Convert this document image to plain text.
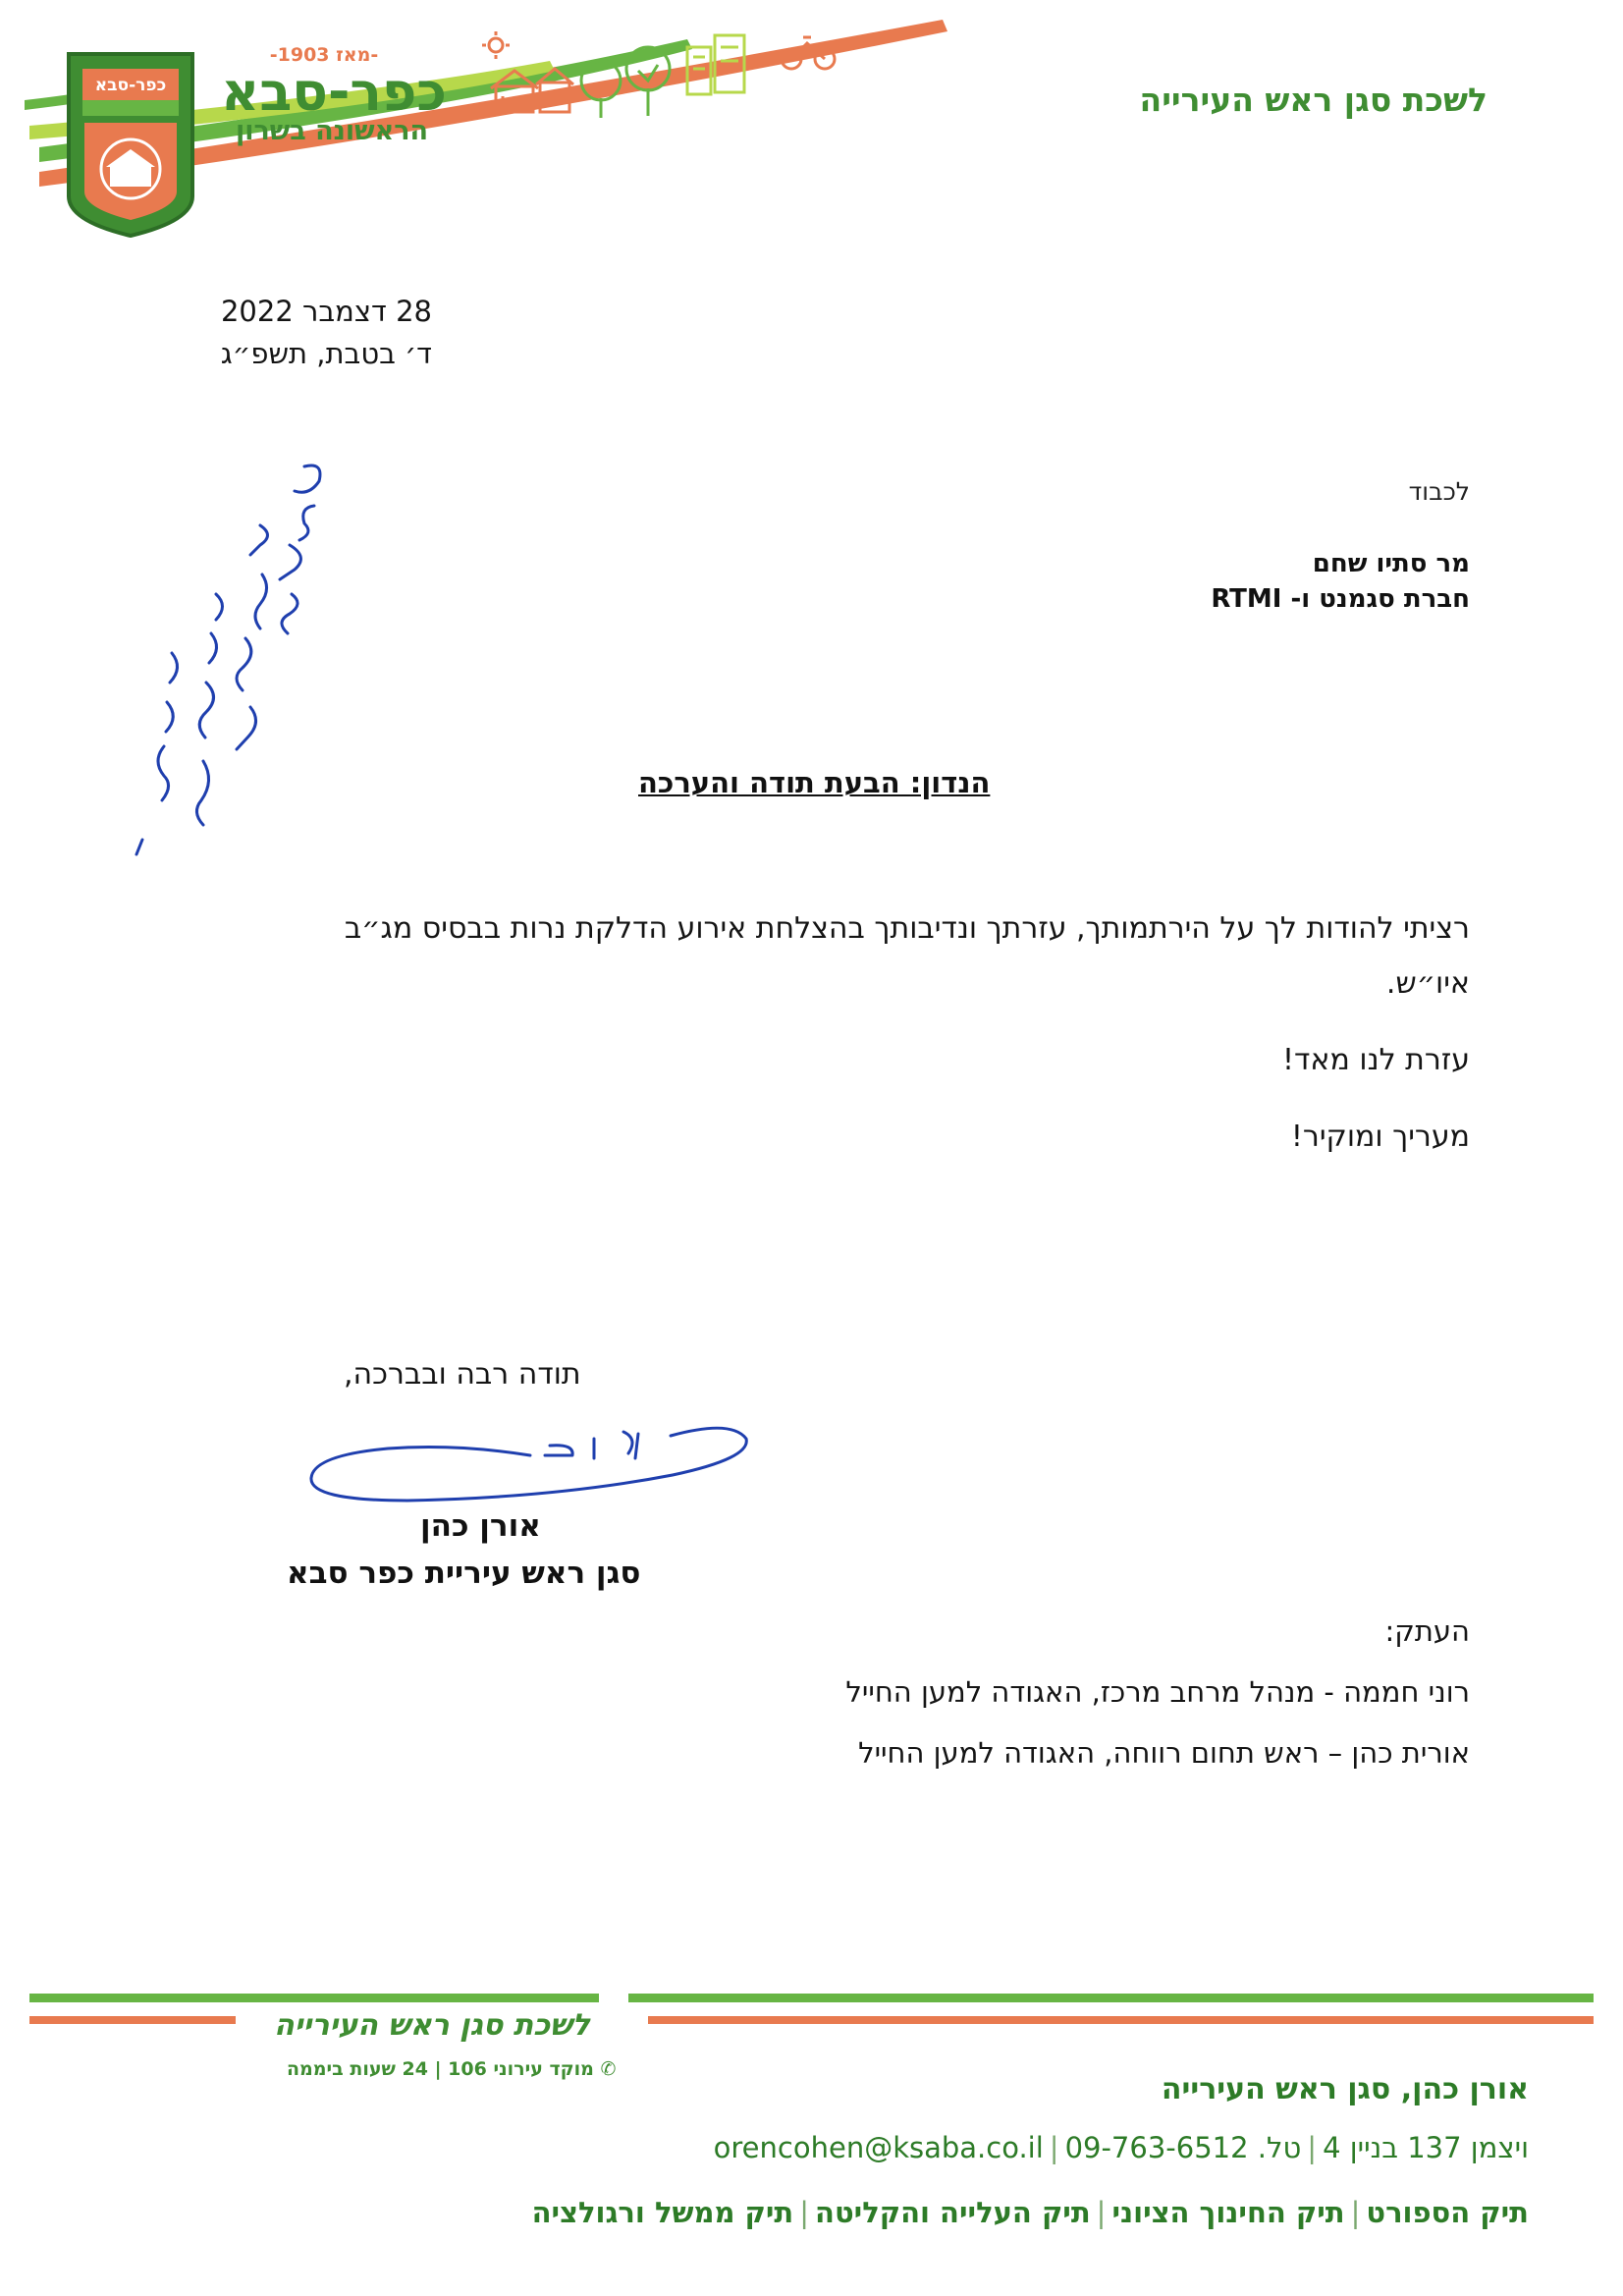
כפר-סבא
-מאז 1903-
כפר-סבא
הראשונה בשרון
לשכת סגן ראש העירייה
28 דצמבר 2022
ד׳ בטבת, תשפ״ג
לכבוד
מר סתיו שחם
חברת סגמנט ו- RTMI
הנדון: הבעת תודה והערכה

רציתי להודות לך על הירתמותך, עזרתך ונדיבותך בהצלחת אירוע הדלקת נרות בבסיס מג״ב

איו״ש.

עזרת לנו מאד!

מעריך ומוקיר!

תודה רבה ובברכה,
אורן כהן
סגן ראש עיריית כפר סבא
העתק:
רוני חממה - מנהל מרחב מרכז, האגודה למען החייל
אורית כהן – ראש תחום רווחה, האגודה למען החייל
לשכת סגן ראש העירייה
✆ מוקד עירוני 106 | 24 שעות ביממה
אורן כהן, סגן ראש העירייה
ויצמן 137 בניין 4|טל. 09-763-6512|orencohen@ksaba.co.il
תיק הספורט|תיק החינוך הציוני|תיק העלייה והקליטה|תיק ממשל ורגולציה
